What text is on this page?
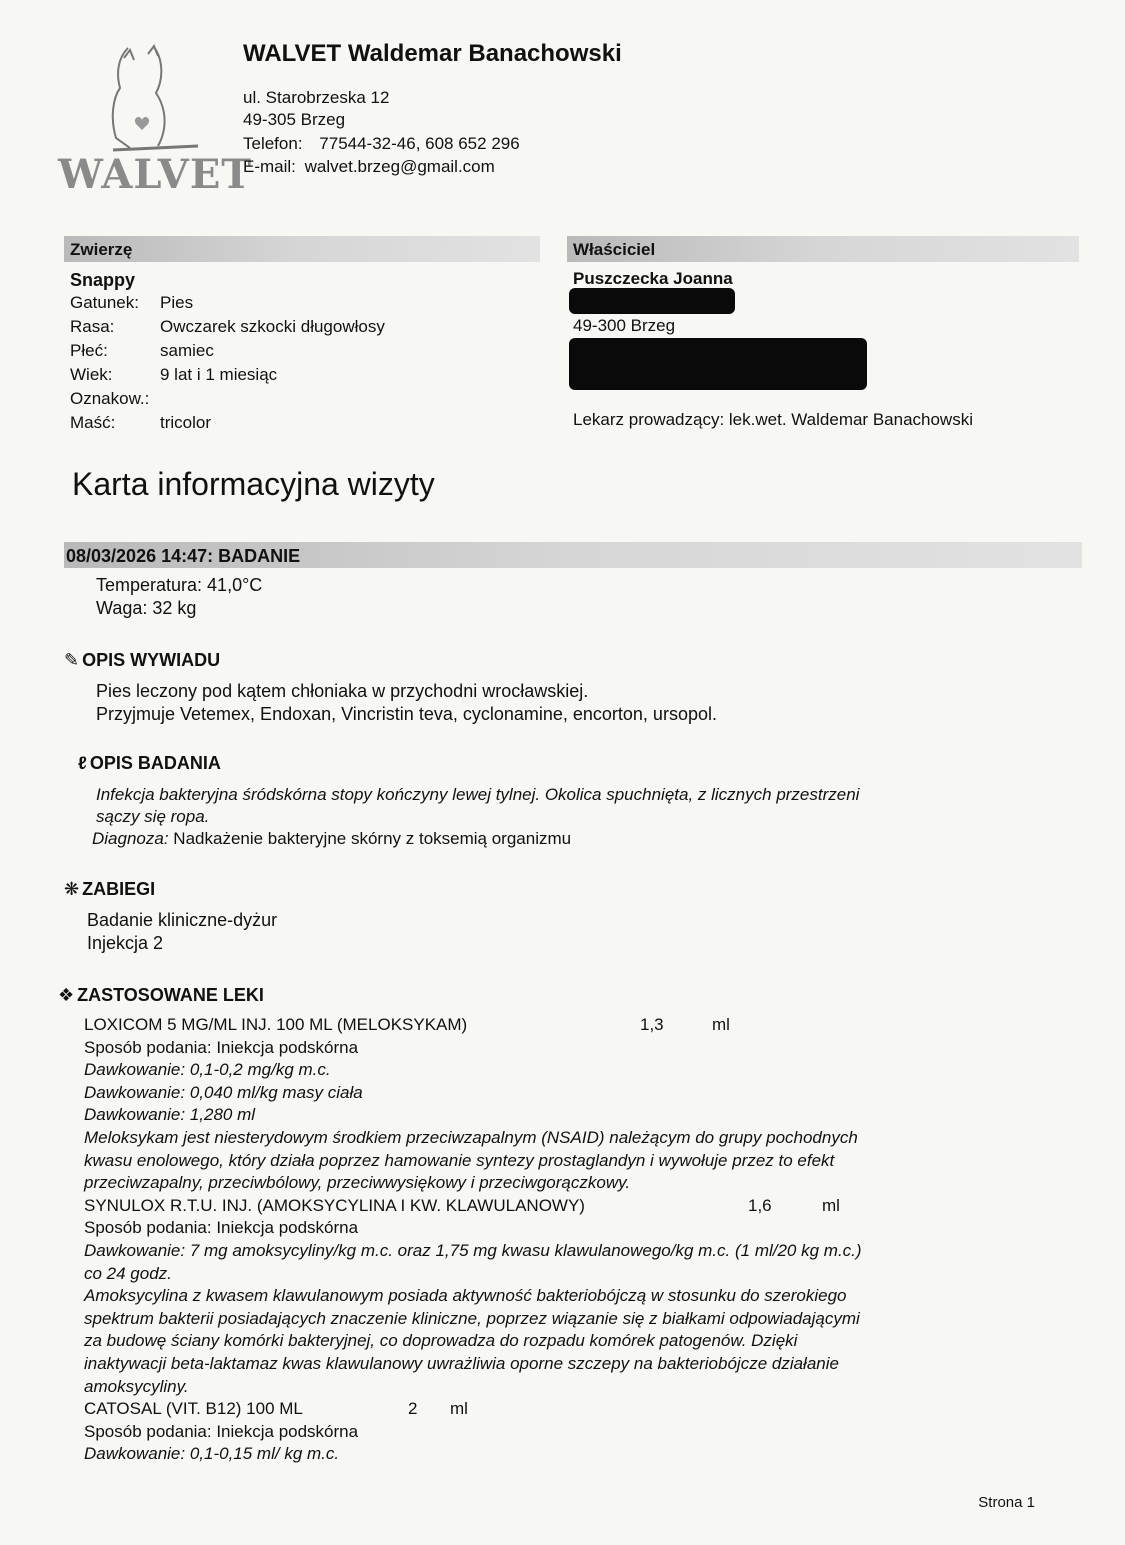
WALVET
WALVET Waldemar Banachowski
ul. Starobrzeska 12
49-305 Brzeg
Telefon: 77544-32-46, 608 652 296
E-mail: walvet.brzeg@gmail.com
Zwierzę	Właściciel
Snappy
Gatunek: Pies
Rasa:	Owczarek szkocki długowłosy
Płeć:	samiec
Wiek:	9 lat i 1 miesiąc
Oznakow.:
Maść:	tricolor
Puszczecka Joanna
49-300 Brzeg
Lekarz prowadzący: lek.wet. Waldemar Banachowski
Karta informacyjna wizyty
08/03/2026 14:47: BADANIE
Temperatura: 41,0°C
Waga: 32 kg
✎ OPIS WYWIADU
Pies leczony pod kątem chłoniaka w przychodni wrocławskiej.
Przyjmuje Vetemex, Endoxan, Vincristin teva, cyclonamine, encorton, ursopol.
ℓ OPIS BADANIA
Infekcja bakteryjna śródskórna stopy kończyny lewej tylnej. Okolica spuchnięta, z licznych przestrzeni
sączy się ropa.
Diagnoza: Nadkażenie bakteryjne skórny z toksemią organizmu
❋ ZABIEGI
Badanie kliniczne-dyżur
Injekcja 2
❖ ZASTOSOWANE LEKI
LOXICOM 5 MG/ML INJ. 100 ML (MELOKSYKAM)	1,3	ml
Sposób podania: Iniekcja podskórna
Dawkowanie: 0,1-0,2 mg/kg m.c.
Dawkowanie: 0,040 ml/kg masy ciała
Dawkowanie: 1,280 ml
Meloksykam jest niesterydowym środkiem przeciwzapalnym (NSAID) należącym do grupy pochodnych
kwasu enolowego, który działa poprzez hamowanie syntezy prostaglandyn i wywołuje przez to efekt
przeciwzapalny, przeciwbólowy, przeciwwysiękowy i przeciwgorączkowy.
SYNULOX R.T.U. INJ. (AMOKSYCYLINA I KW. KLAWULANOWY)	1,6	ml
Sposób podania: Iniekcja podskórna
Dawkowanie: 7 mg amoksycyliny/kg m.c. oraz 1,75 mg kwasu klawulanowego/kg m.c. (1 ml/20 kg m.c.)
co 24 godz.
Amoksycylina z kwasem klawulanowym posiada aktywność bakteriobójczą w stosunku do szerokiego
spektrum bakterii posiadających znaczenie kliniczne, poprzez wiązanie się z białkami odpowiadającymi
za budowę ściany komórki bakteryjnej, co doprowadza do rozpadu komórek patogenów. Dzięki
inaktywacji beta-laktamaz kwas klawulanowy uwrażliwia oporne szczepy na bakteriobójcze działanie
amoksycyliny.
CATOSAL (VIT. B12) 100 ML	2 ml
Sposób podania: Iniekcja podskórna
Dawkowanie: 0,1-0,15 ml/ kg m.c.
Strona 1
